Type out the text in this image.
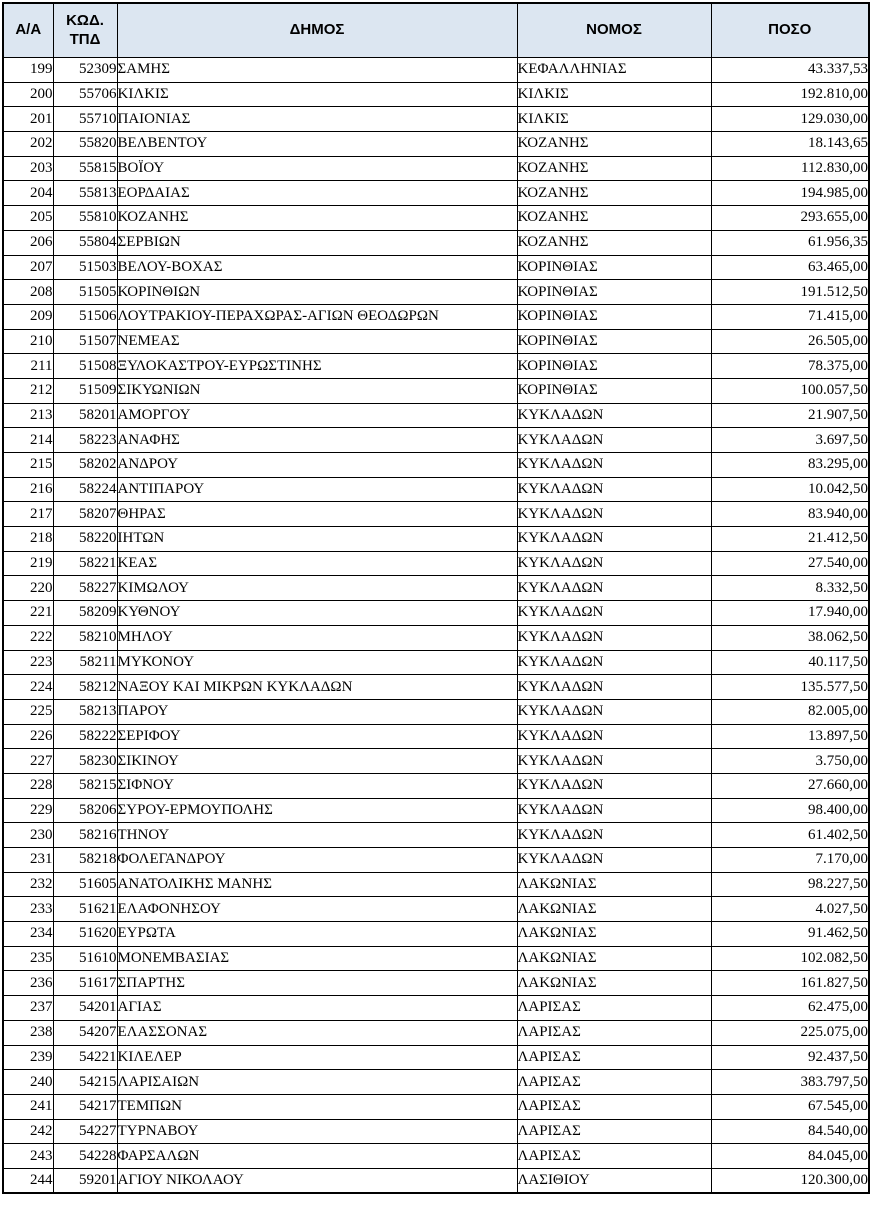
Α/Α	ΚΩΔ. ΤΠΔ	ΔΗΜΟΣ	ΝΟΜΟΣ	ΠΟΣΟ
199	52309	ΣΑΜΗΣ	ΚΕΦΑΛΛΗΝΙΑΣ	43.337,53
200	55706	ΚΙΛΚΙΣ	ΚΙΛΚΙΣ	192.810,00
201	55710	ΠΑΙΟΝΙΑΣ	ΚΙΛΚΙΣ	129.030,00
202	55820	ΒΕΛΒΕΝΤΟΥ	ΚΟΖΑΝΗΣ	18.143,65
203	55815	ΒΟΪΟΥ	ΚΟΖΑΝΗΣ	112.830,00
204	55813	ΕΟΡΔΑΙΑΣ	ΚΟΖΑΝΗΣ	194.985,00
205	55810	ΚΟΖΑΝΗΣ	ΚΟΖΑΝΗΣ	293.655,00
206	55804	ΣΕΡΒΙΩΝ	ΚΟΖΑΝΗΣ	61.956,35
207	51503	ΒΕΛΟΥ-ΒΟΧΑΣ	ΚΟΡΙΝΘΙΑΣ	63.465,00
208	51505	ΚΟΡΙΝΘΙΩΝ	ΚΟΡΙΝΘΙΑΣ	191.512,50
209	51506	ΛΟΥΤΡΑΚΙΟΥ-ΠΕΡΑΧΩΡΑΣ-ΑΓΙΩΝ ΘΕΟΔΩΡΩΝ	ΚΟΡΙΝΘΙΑΣ	71.415,00
210	51507	ΝΕΜΕΑΣ	ΚΟΡΙΝΘΙΑΣ	26.505,00
211	51508	ΞΥΛΟΚΑΣΤΡΟΥ-ΕΥΡΩΣΤΙΝΗΣ	ΚΟΡΙΝΘΙΑΣ	78.375,00
212	51509	ΣΙΚΥΩΝΙΩΝ	ΚΟΡΙΝΘΙΑΣ	100.057,50
213	58201	ΑΜΟΡΓΟΥ	ΚΥΚΛΑΔΩΝ	21.907,50
214	58223	ΑΝΑΦΗΣ	ΚΥΚΛΑΔΩΝ	3.697,50
215	58202	ΑΝΔΡΟΥ	ΚΥΚΛΑΔΩΝ	83.295,00
216	58224	ΑΝΤΙΠΑΡΟΥ	ΚΥΚΛΑΔΩΝ	10.042,50
217	58207	ΘΗΡΑΣ	ΚΥΚΛΑΔΩΝ	83.940,00
218	58220	ΙΗΤΩΝ	ΚΥΚΛΑΔΩΝ	21.412,50
219	58221	ΚΕΑΣ	ΚΥΚΛΑΔΩΝ	27.540,00
220	58227	ΚΙΜΩΛΟΥ	ΚΥΚΛΑΔΩΝ	8.332,50
221	58209	ΚΥΘΝΟΥ	ΚΥΚΛΑΔΩΝ	17.940,00
222	58210	ΜΗΛΟΥ	ΚΥΚΛΑΔΩΝ	38.062,50
223	58211	ΜΥΚΟΝΟΥ	ΚΥΚΛΑΔΩΝ	40.117,50
224	58212	ΝΑΞΟΥ ΚΑΙ ΜΙΚΡΩΝ ΚΥΚΛΑΔΩΝ	ΚΥΚΛΑΔΩΝ	135.577,50
225	58213	ΠΑΡΟΥ	ΚΥΚΛΑΔΩΝ	82.005,00
226	58222	ΣΕΡΙΦΟΥ	ΚΥΚΛΑΔΩΝ	13.897,50
227	58230	ΣΙΚΙΝΟΥ	ΚΥΚΛΑΔΩΝ	3.750,00
228	58215	ΣΙΦΝΟΥ	ΚΥΚΛΑΔΩΝ	27.660,00
229	58206	ΣΥΡΟΥ-ΕΡΜΟΥΠΟΛΗΣ	ΚΥΚΛΑΔΩΝ	98.400,00
230	58216	ΤΗΝΟΥ	ΚΥΚΛΑΔΩΝ	61.402,50
231	58218	ΦΟΛΕΓΑΝΔΡΟΥ	ΚΥΚΛΑΔΩΝ	7.170,00
232	51605	ΑΝΑΤΟΛΙΚΗΣ ΜΑΝΗΣ	ΛΑΚΩΝΙΑΣ	98.227,50
233	51621	ΕΛΑΦΟΝΗΣΟΥ	ΛΑΚΩΝΙΑΣ	4.027,50
234	51620	ΕΥΡΩΤΑ	ΛΑΚΩΝΙΑΣ	91.462,50
235	51610	ΜΟΝΕΜΒΑΣΙΑΣ	ΛΑΚΩΝΙΑΣ	102.082,50
236	51617	ΣΠΑΡΤΗΣ	ΛΑΚΩΝΙΑΣ	161.827,50
237	54201	ΑΓΙΑΣ	ΛΑΡΙΣΑΣ	62.475,00
238	54207	ΕΛΑΣΣΟΝΑΣ	ΛΑΡΙΣΑΣ	225.075,00
239	54221	ΚΙΛΕΛΕΡ	ΛΑΡΙΣΑΣ	92.437,50
240	54215	ΛΑΡΙΣΑΙΩΝ	ΛΑΡΙΣΑΣ	383.797,50
241	54217	ΤΕΜΠΩΝ	ΛΑΡΙΣΑΣ	67.545,00
242	54227	ΤΥΡΝΑΒΟΥ	ΛΑΡΙΣΑΣ	84.540,00
243	54228	ΦΑΡΣΑΛΩΝ	ΛΑΡΙΣΑΣ	84.045,00
244	59201	ΑΓΙΟΥ ΝΙΚΟΛΑΟΥ	ΛΑΣΙΘΙΟΥ	120.300,00
